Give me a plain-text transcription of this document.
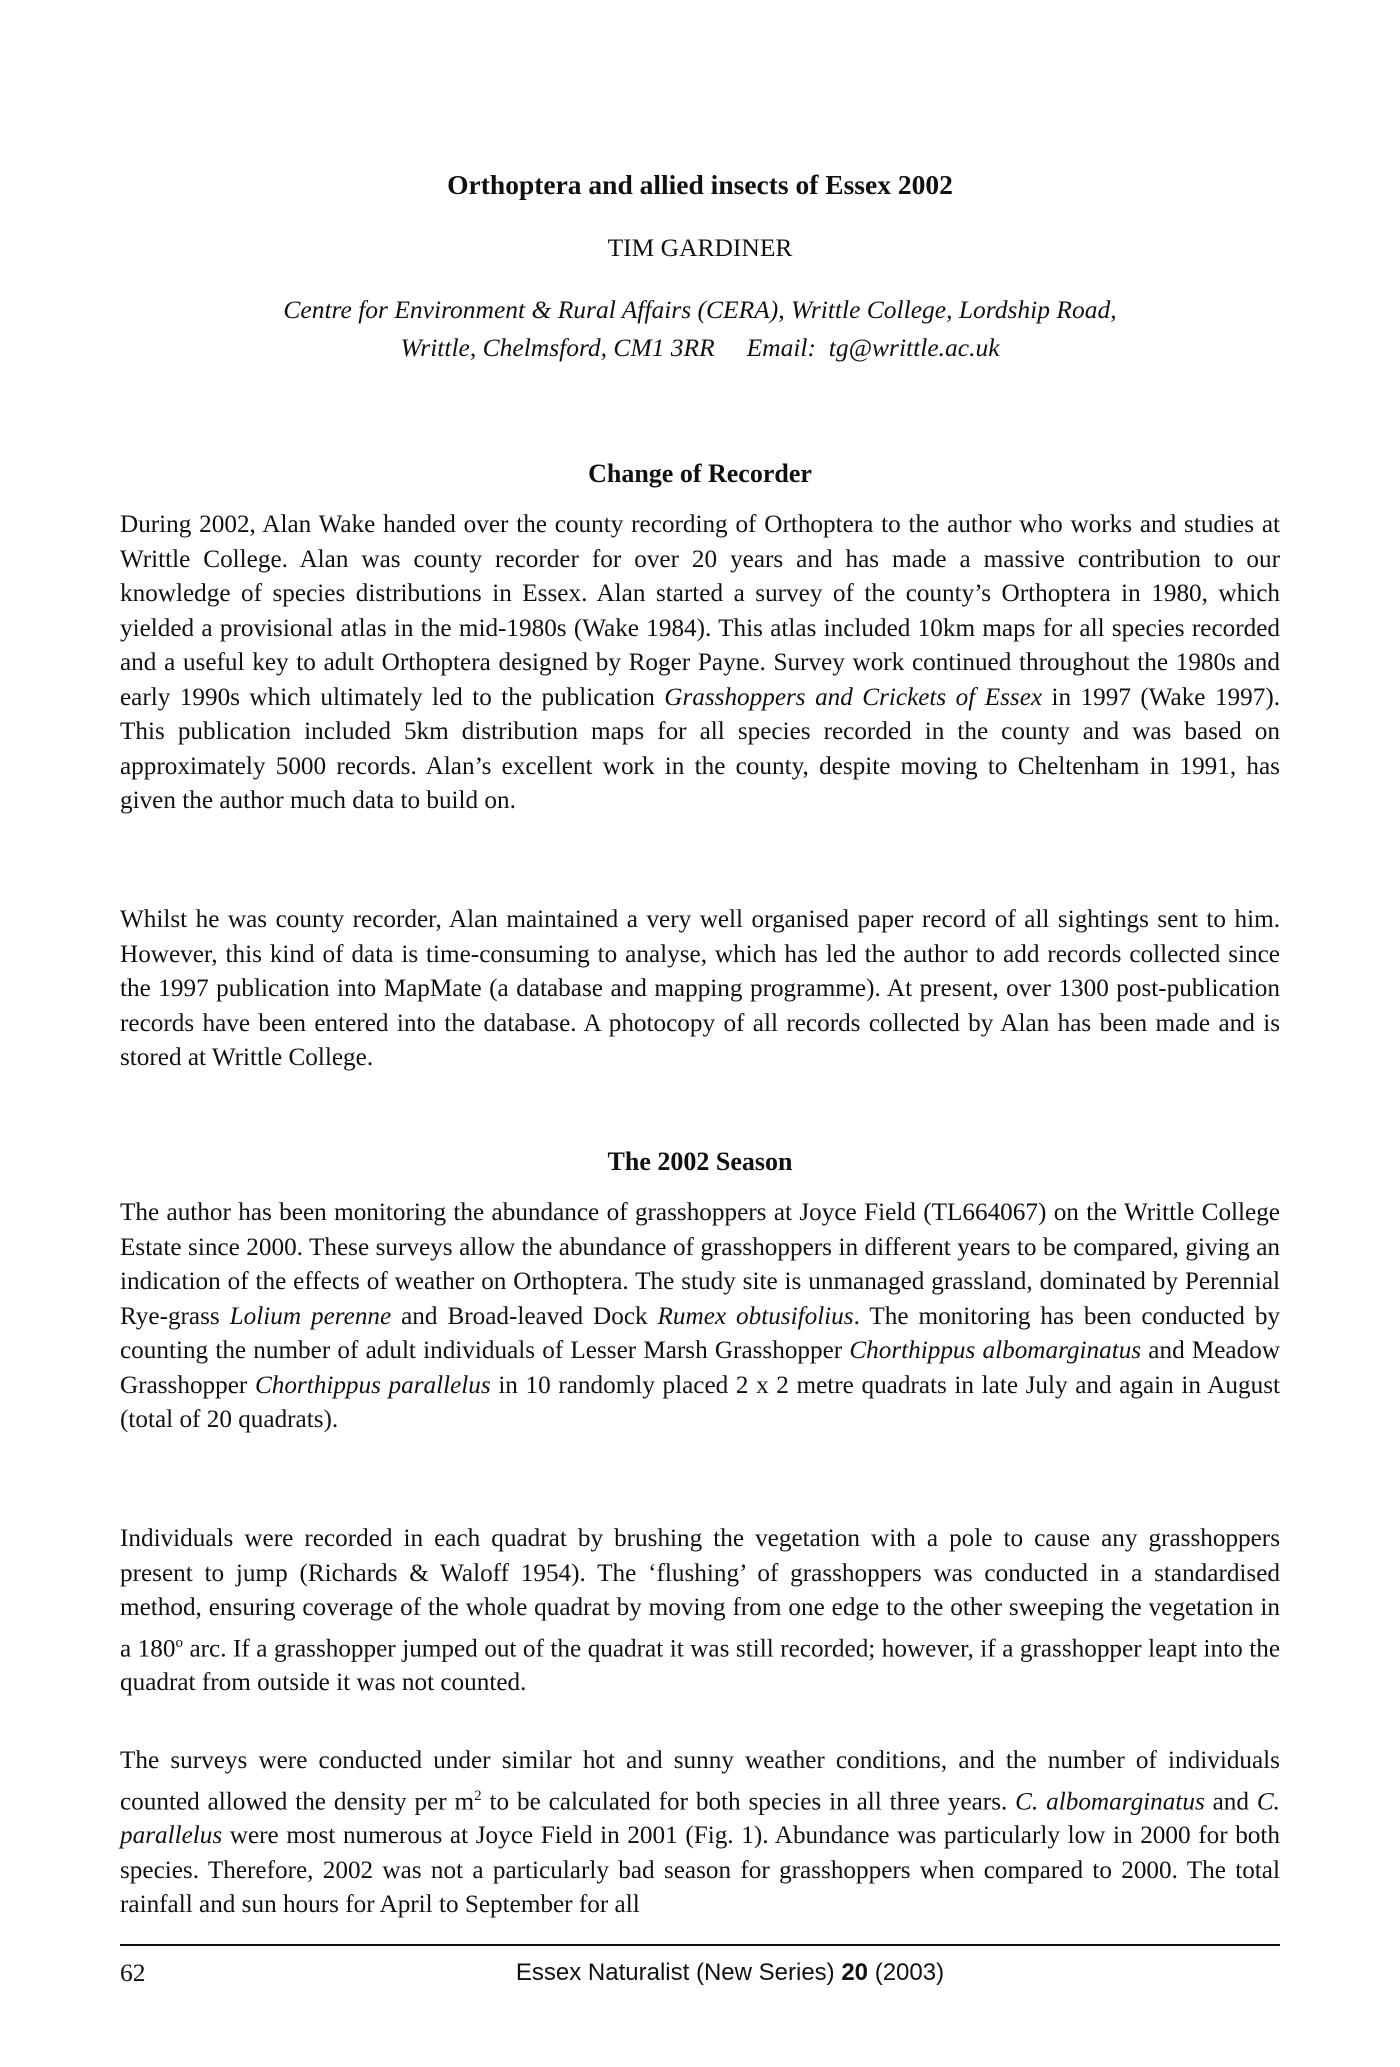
Orthoptera and allied insects of Essex 2002
TIM GARDINER
Centre for Environment & Rural Affairs (CERA), Writtle College, Lordship Road,
Writtle, Chelmsford, CM1 3RR Email: tg@writtle.ac.uk
Change of Recorder

During 2002, Alan Wake handed over the county recording of Orthoptera to the author who works and studies at Writtle College. Alan was county recorder for over 20 years and has made a massive contribution to our knowledge of species distributions in Essex. Alan started a survey of the county’s Orthoptera in 1980, which yielded a provisional atlas in the mid-1980s (Wake 1984). This atlas included 10km maps for all species recorded and a useful key to adult Orthoptera designed by Roger Payne. Survey work continued throughout the 1980s and early 1990s which ultimately led to the publication Grasshoppers and Crickets of Essex in 1997 (Wake 1997). This publication included 5km distribution maps for all species recorded in the county and was based on approximately 5000 records. Alan’s excellent work in the county, despite moving to Cheltenham in 1991, has given the author much data to build on.

Whilst he was county recorder, Alan maintained a very well organised paper record of all sightings sent to him. However, this kind of data is time-consuming to analyse, which has led the author to add records collected since the 1997 publication into MapMate (a database and mapping programme). At present, over 1300 post-publication records have been entered into the database. A photocopy of all records collected by Alan has been made and is stored at Writtle College.

The 2002 Season

The author has been monitoring the abundance of grasshoppers at Joyce Field (TL664067) on the Writtle College Estate since 2000. These surveys allow the abundance of grasshoppers in different years to be compared, giving an indication of the effects of weather on Orthoptera. The study site is unmanaged grassland, dominated by Perennial Rye-grass Lolium perenne and Broad-leaved Dock Rumex obtusifolius. The monitoring has been conducted by counting the number of adult individuals of Lesser Marsh Grasshopper Chorthippus albomarginatus and Meadow Grasshopper Chorthippus parallelus in 10 randomly placed 2 x 2 metre quadrats in late July and again in August (total of 20 quadrats).

Individuals were recorded in each quadrat by brushing the vegetation with a pole to cause any grasshoppers present to jump (Richards & Waloff 1954). The ‘flushing’ of grasshoppers was conducted in a standardised method, ensuring coverage of the whole quadrat by moving from one edge to the other sweeping the vegetation in a 180$^o$ arc. If a grasshopper jumped out of the quadrat it was still recorded; however, if a grasshopper leapt into the quadrat from outside it was not counted.

The surveys were conducted under similar hot and sunny weather conditions, and the number of individuals counted allowed the density per $m^2$ to be calculated for both species in all three years. C. albomarginatus and C. parallelus were most numerous at Joyce Field in 2001 (Fig. 1). Abundance was particularly low in 2000 for both species. Therefore, 2002 was not a particularly bad season for grasshoppers when compared to 2000. The total rainfall and sun hours for April to September for all

62	Essex Naturalist (New Series) 20 (2003)
